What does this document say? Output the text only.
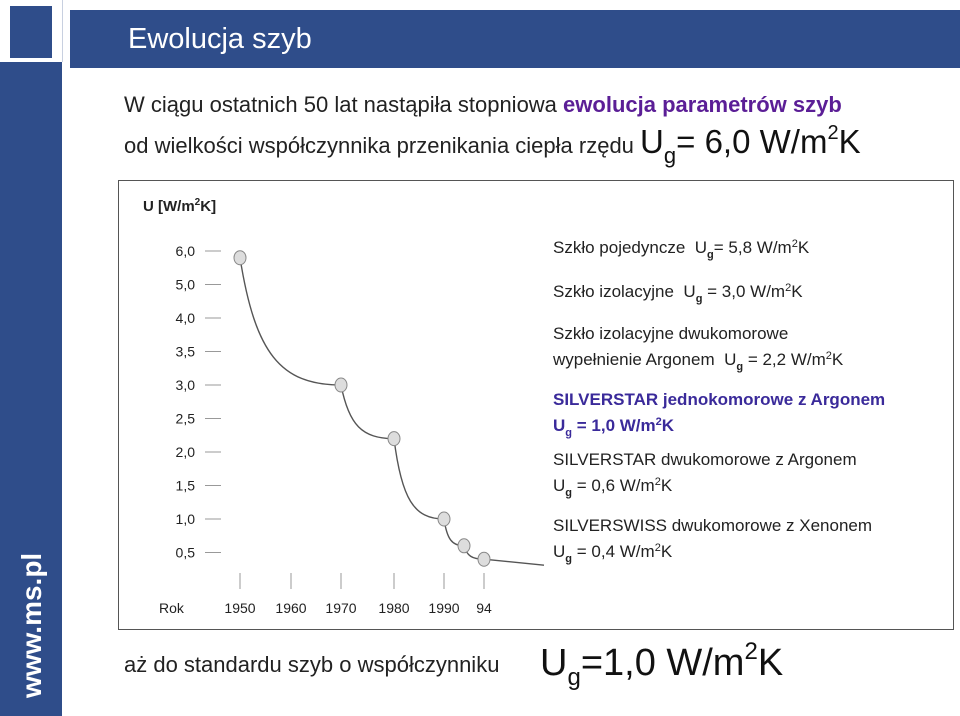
www.ms.pl
Ewolucja szyb
W ciągu ostatnich 50 lat nastąpiła stopniowa ewolucja parametrów szyb
od wielkości współczynnika przenikania ciepła rzędu Ug= 6,0 W/m2K
U $[W/m^2K]$
6,0
5,0
4,0
3,5
3,0
2,5
2,0
1,5
1,0
0,5
Rok	1950 1960 1970 1980 1990 94
Szkło pojedyncze $U_g= 5,8$ $W/m^2K$
Szkło izolacyjne $U_g = 3,0$ $W/m^2K$
Szkło izolacyjne dwukomorowe
wypełnienie Argonem $U_g = 2,2$ $W/m^2K$
SILVERSTAR jednokomorowe z Argonem
$U_g = 1,0$ $W/m^2K$
SILVERSTAR dwukomorowe z Argonem
$U_g = 0,6$ $W/m^2K$
SILVERSWISS dwukomorowe z Xenonem
$U_g = 0,4$ $W/m^2K$
aż do standardu szyb o współczynniku $U_g=1,0$ $W/m^2K$
